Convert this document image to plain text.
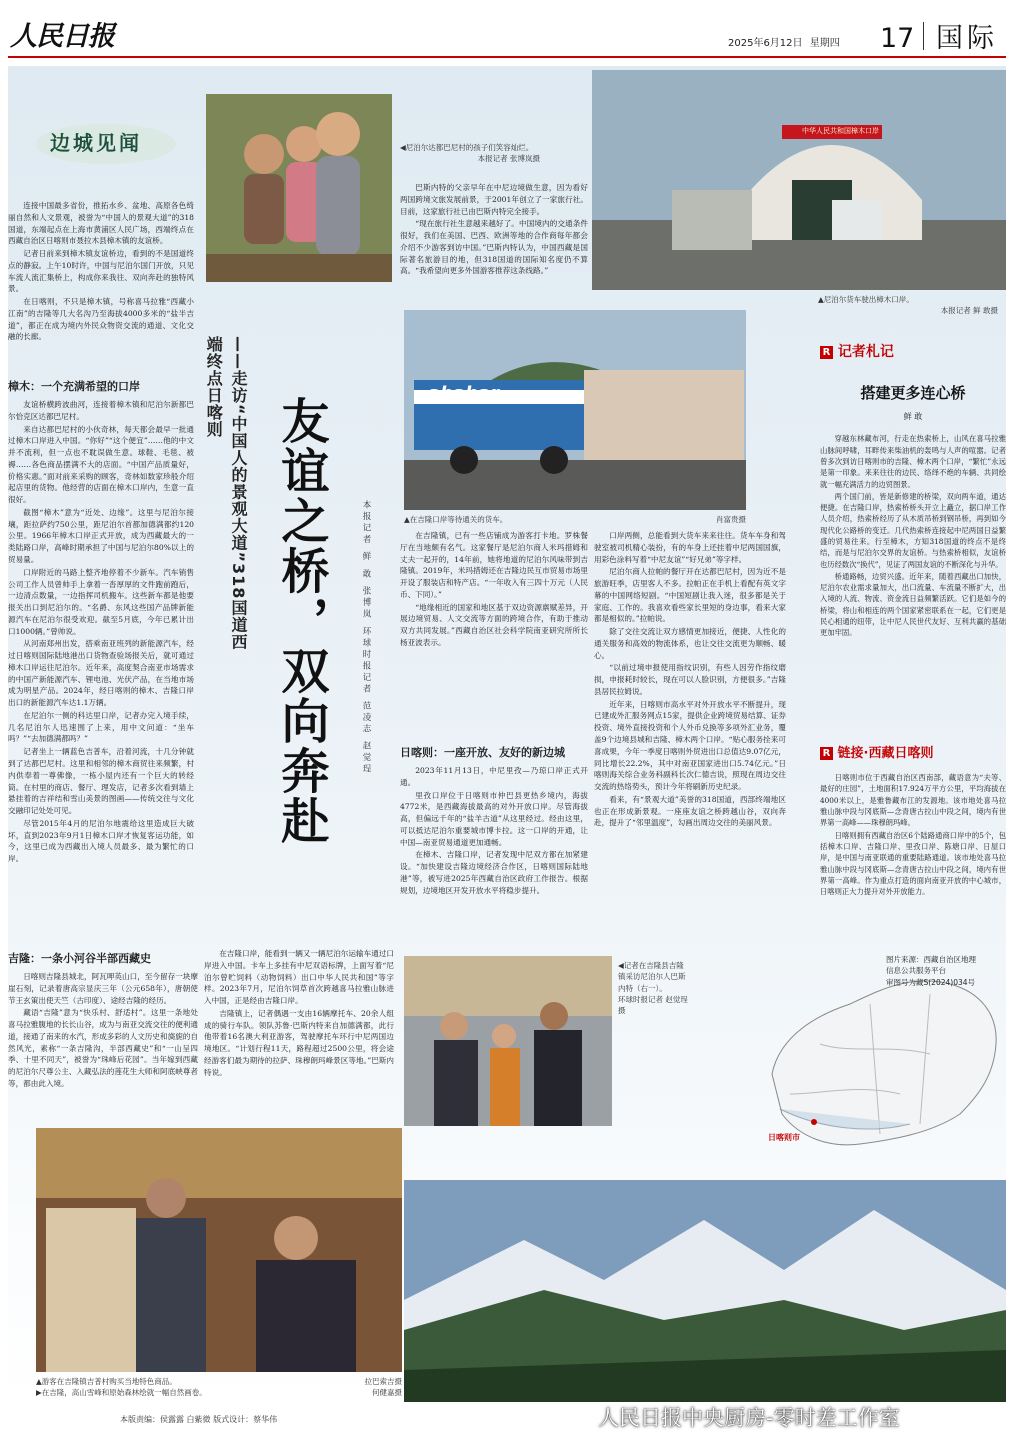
人民日报	2025年6月12日 星期四 17 国际
边城见闻

连接中国最多省份，推拓水乡、盆地、高原各色绮丽自然和人文景观，被誉为“中国人的景观大道”的318国道，东端起点在上海市黄浦区人民广场，西端终点在西藏自治区日喀则市聂拉木县樟木镇的友谊桥。

记者日前来到樟木镇友谊桥边，看到的不是国道终点的静寂。上午10时许，中国与尼泊尔国门开放，只见车流人流汇集桥上，构成你来我往、双向奔赴的独特风景。

在日喀则，不只是樟木镇，号称喜马拉雅“西藏小江南”的吉隆等几大名沟乃至海拔4000多米的“盐半吉道”，都正在成为境内外民众物资交流的通道、文化交融的长廊。

樟木：一个充满希望的口岸

友谊桥横跨波曲河，连接着樟木镇和尼泊尔新都巴尔恰克区达都巴尼村。

来自达都巴尼村的小伙奇林，每天都会最早一批通过樟木口岸进入中国。“你好”“这个便宜”……他的中文并不流利，但一点也不耽误做生意。球鞋、毛毯、被褥……各色商品摆满不大的店面。“中国产品质量好，价格实惠。”面对前来采购的顾客，奇林如数家珍般介绍起店里的货物。他经营的店面在樟木口岸内，生意一直很好。

截图“樟木”意为“近处、边缘”。这里与尼泊尔接壤，距拉萨约750公里，距尼泊尔首都加德满都约120公里。1966年樟木口岸正式开放，成为西藏最大的一类陆路口岸，高峰时期承担了中国与尼泊尔80%以上的贸易量。

口岸附近的马路上整齐地停着不少新车。汽车销售公司工作人员曾帅手上拿着一沓厚厚的文件跑前跑后，一边清点数量，一边指挥司机搬车。这些新车都是他要报关出口到尼泊尔的。“名爵、东风这些国产品牌新能源汽车在尼泊尔很受欢迎。截至5月底，今年已累计出口1000辆。”曾帅说。

从河南郑州出发，搭乘南亚班列的新能源汽车，经过日喀则国际陆地港出口货物查验场报关后，就可通过樟木口岸运往尼泊尔。近年来，高度契合南亚市场需求的中国产新能源汽车、锂电池、光伏产品，在当地市场成为明星产品。2024年，经日喀则的樟木、吉隆口岸出口的新能源汽车达1.1万辆。

在尼泊尔一侧的科达里口岸，记者办完入境手续，几名尼泊尔人迅速围了上来，用中文问道：“坐车吗？”“去加德满都吗？”

记者坐上一辆蓝色吉普车，沿着河流，十几分钟就到了达都巴尼村。这里和相邻的樟木商贸往来频繁，村内供奉着一尊佛像，一栋小屋内还有一个巨大的转经筒。在村里的商店、餐厅、理发店，记者多次看到墙上悬挂着的吉祥结和雪山美景的图画——传统交往与文化交融印记处处可见。

尽管2015年4月的尼泊尔地震给这里造成巨大破坏，直到2023年9月1日樟木口岸才恢复客运功能，如今，这里已成为西藏出入境人员最多、最为繁忙的口岸。

吉隆：一条小河谷半部西藏史

日喀则吉隆县城北，阿瓦呷英山口，至今留存一块摩崖石刻，记录着唐高宗显庆三年（公元658年），唐朝使节王玄策出使天竺（古印度）、途经吉隆的经历。

藏语“吉隆”意为“快乐村、舒适村”。这里一条地处喜马拉雅腹地的长长山谷，成为与南亚交流交往的便利通道，接通了南来的水汽，形成多彩的人文历史和旖旎的自然风光，素称“一条吉隆沟，半部西藏史”和“一山呈四季、十里不同天”，被誉为“珠峰后花园”。当年嫁到西藏的尼泊尔尺尊公主、入藏弘法的莲花生大师和阿底峡尊者等，都由此入境。

在吉隆口岸，能看到一辆又一辆尼泊尔运输车通过口岸进入中国。卡车上多挂有中尼双语标牌，上面写着“尼泊尔曾贮饲料（动物饲料）出口中华人民共和国”等字样。2023年7月，尼泊尔饲草首次跨越喜马拉雅山脉进入中国，正是经由吉隆口岸。

吉隆镇上，记者偶遇一支由16辆摩托车、20余人组成的骑行车队。领队苏鲁·巴斯内特来自加德满都，此行他带着16名澳大利亚游客，驾驶摩托车环行中尼两国边境地区。“计划行程11天，路程超过2500公里，将会途经游客们最为期待的拉萨、珠穆朗玛峰景区等地。”巴斯内特说。

◀尼泊尔达都巴尼村的孩子们笑容灿烂。
本报记者 张博岚摄

巴斯内特的父亲早年在中尼边境做生意，因为看好两国跨境文旅发展前景，于2001年创立了一家旅行社。目前，这家旅行社已由巴斯内特完全接手。

“现在旅行社生意越来越好了。中国境内的交通条件很好，我们在美国、巴西、欧洲等地的合作商每年都会介绍不少游客到访中国。”巴斯内特认为，中国西藏是国际著名旅游目的地，但318国道的国际知名度仍不算高。“我希望向更多外国游客推荐这条线路。”

中华人民共和国樟木口岸
▲尼泊尔货车驶出樟木口岸。
本报记者 鲜 敢摄
——走访“中国人的景观大道”318国道西端终点日喀则
本报记者 鲜 敢 张博岚 环球时报记者 范凌志 赵觉珵
友谊之桥，双向奔赴
abahar
▲在吉隆口岸等待通关的货车。	肖富贵摄

在吉隆镇，已有一些店铺成为游客打卡地。罗株餐厅在当地颇有名气。这家餐厅是尼泊尔商人米玛措姆和丈夫一起开的，14年前，她将地道的尼泊尔风味带到吉隆镇。2019年，米玛措姆还在吉隆边民互市贸易市场里开设了服装店和特产店。“一年收入有三四十万元（人民币、下同）。”

“地缘相近的国家和地区基于双边资源禀赋差异，开展边境贸易、人文交流等方面的跨境合作，有助于推动双方共同发展。”西藏自治区社会科学院南亚研究所所长杨亚波表示。

日喀则：一座开放、友好的新边城

2023年11月13日，中尼里孜—乃琼口岸正式开通。

里孜口岸位于日喀则市仲巴县更热乡境内，海拔4772米，是西藏海拔最高的对外开放口岸。尽管海拔高，但偏远千年的“盐羊古道”从这里经过。经由这里，可以抵达尼泊尔重要城市博卡拉。这一口岸的开通，让中国—南亚贸易通道更加通畅。

在樟木、吉隆口岸，记者发现中尼双方都在加紧建设。“加快建设吉隆边境经济合作区，日喀则国际陆地港”等，被写进2025年西藏自治区政府工作报告。根据规划，边境地区开发开放水平将稳步提升。

口岸两侧，总能看到大货车来来往往。货车车身和驾驶室被司机精心装扮，有的车身上还挂着中尼两国国旗，用彩色涂料写着“中尼友谊”“好兄弟”等字样。

尼泊尔商人拉帕的餐厅开在达都巴尼村，因为近不是旅游旺季，店里客人不多。拉帕正在手机上看配有英文字幕的中国网络短剧。“中国短剧让我入迷，很多都是关于家庭、工作的。我喜欢看些家长里短的身边事，看来大家都是相似的。”拉帕说。

除了交往交流让双方感情更加接近，便捷、人性化的通关服务和高效的物流体系，也让交往交流更为顺畅、暖心。

“以前过境申报使用指纹识别，有些人因劳作指纹磨损，申报耗时较长，现在可以人脸识别，方便很多。”吉隆县居民拉姆说。

近年来，日喀则市高水平对外开放水平不断提升，现已建成外汇服务网点15家，提供企业跨境贸易结算、证券投资、境外直接投资和个人外币兑换等多项外汇业务，覆盖9个边境县城和吉隆、樟木两个口岸。“贴心服务拴来可喜成果，今年一季度日喀则外贸进出口总值达9.07亿元，同比增长22.2%，其中对南亚国家进出口5.74亿元。”日喀则海关综合业务科副科长次仁德吉说，照现在周边交往交流的热络势头，预计今年将刷新历史纪录。

看来，有“景观大道”美誉的318国道，西部终端地区也正在形成新景观。一座座友谊之桥跨越山谷，双向奔赴，提升了“邻里温度”，勾画出周边交往的美丽风景。

◀记者在吉隆县吉隆镇采访尼泊尔人巴斯内特（右一）。
环球时报记者 赵觉珵摄
▲游客在吉隆镇吉普村购买当地特色商品。	拉巴索吉摄
▶在吉隆，高山雪峰和原始森林绘就一幅自然画卷。	何健嘉摄
R 记者札记
搭建更多连心桥
鲜 敢

穿越东林藏布河，行走在热索桥上，山风在喜马拉雅山脉间呼啸，耳畔传来柴油机的轰鸣与人声的喧嚣。记者曾多次到访日喀则市的吉隆、樟木两个口岸，“繁忙”永远是第一印象。来来往往的边民、络绎不绝的车辆、共同绘就一幅充满活力的边贸图景。

两个国门前，皆是新修建的桥梁，双向两车道，通达便捷。在吉隆口岸，热索桥桥头开立上矗立，据口岸工作人员介绍，热索桥经历了从木质吊桥到钢吊桥，再到如今现代化公路桥的变迁。几代热索桥连接起中尼两国日益繁盛的贸易往来。行至樟木，方知318国道的终点不是终结，而是与尼泊尔交界的友谊桥。与热索桥相似，友谊桥也历经数次“换代”，见证了两国友谊的不断深化与升华。

桥通路畅，边贸兴盛。近年来，随着西藏出口加快，尼泊尔农业需求量加大，出口流量、车流量不断扩大，出入境的人流、物流、资金流日益频繁活跃。它们是如今的桥梁，将山和相连的两个国家紧密联系在一起，它们更是民心相通的纽带，让中尼人民世代友好、互利共赢的基础更加牢固。

R 链接·西藏日喀则

日喀则市位于西藏自治区西南部，藏语意为“夫等、最好的庄园”，土地面积17.924万平方公里，平均海拔在4000米以上，是雅鲁藏布江的发源地。该市地处喜马拉雅山脉中段与冈底斯—念青唐古拉山中段之间，境内有世界第一高峰——珠穆朗玛峰。

日喀则拥有西藏自治区6个陆路通商口岸中的5个，包括樟木口岸、吉隆口岸、里孜口岸、陈塘口岸、日屋口岸，是中国与南亚联通的重要陆路通道。该市地处喜马拉雅山脉中段与冈底斯—念青唐古拉山中段之间，境内有世界第一高峰。作为重点打造的面向南亚开放的中心城市，日喀则正大力提升对外开放能力。

图片来源：西藏自治区地理
信息公共服务平台
审图号为藏S(2024)034号
日喀则市
本版责编：侯露露 白紫微 版式设计：蔡华伟	人民日报中央厨房-零时差工作室
